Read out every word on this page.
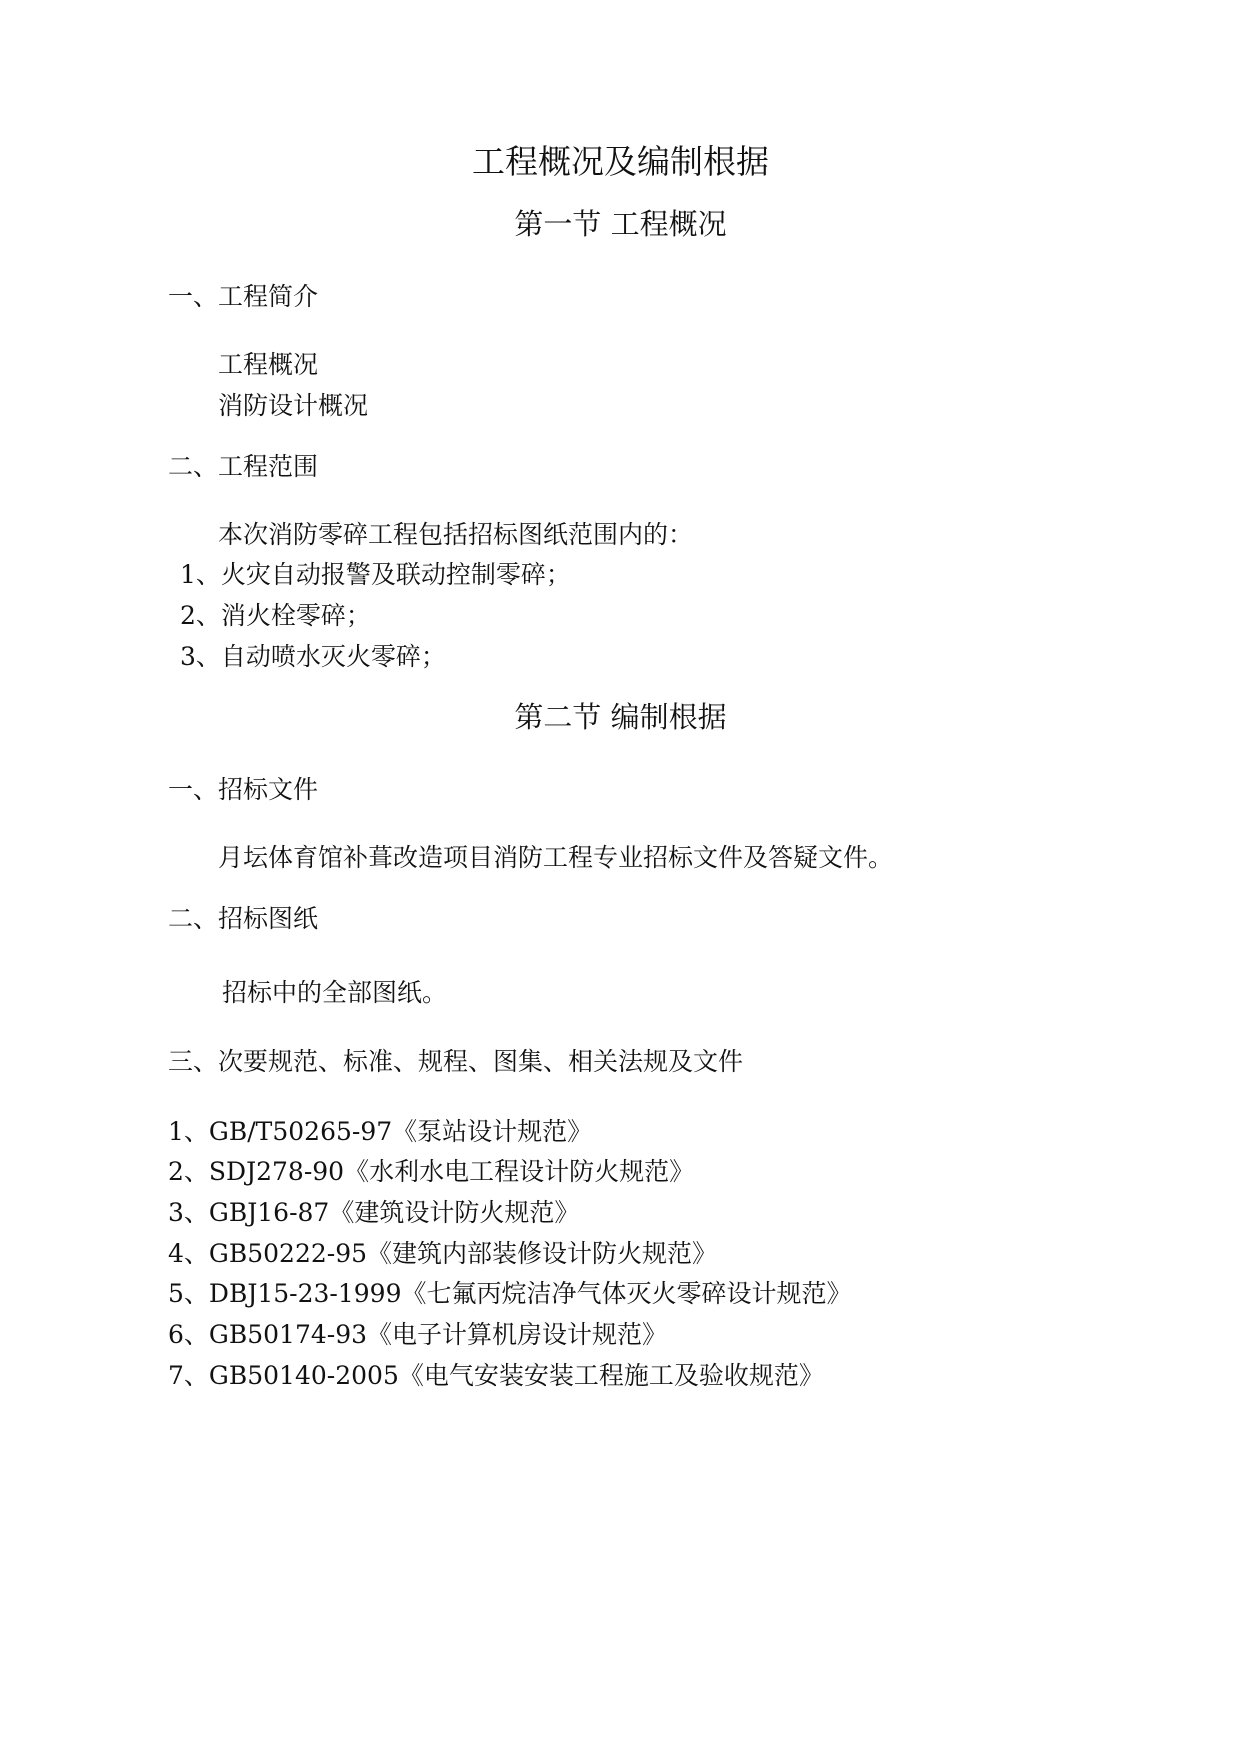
工程概况及编制根据
第一节 工程概况
一、工程简介
工程概况
消防设计概况
二、工程范围
本次消防零碎工程包括招标图纸范围内的：
1、火灾自动报警及联动控制零碎；
2、消火栓零碎；
3、自动喷水灭火零碎；
第二节 编制根据
一、招标文件
月坛体育馆补葺改造项目消防工程专业招标文件及答疑文件。
二、招标图纸
招标中的全部图纸。
三、次要规范、标准、规程、图集、相关法规及文件
1、GB/T50265-97《泵站设计规范》
2、SDJ278-90《水利水电工程设计防火规范》
3、GBJ16-87《建筑设计防火规范》
4、GB50222-95《建筑内部装修设计防火规范》
5、DBJ15-23-1999《七氟丙烷洁净气体灭火零碎设计规范》
6、GB50174-93《电子计算机房设计规范》
7、GB50140-2005《电气安装安装工程施工及验收规范》
